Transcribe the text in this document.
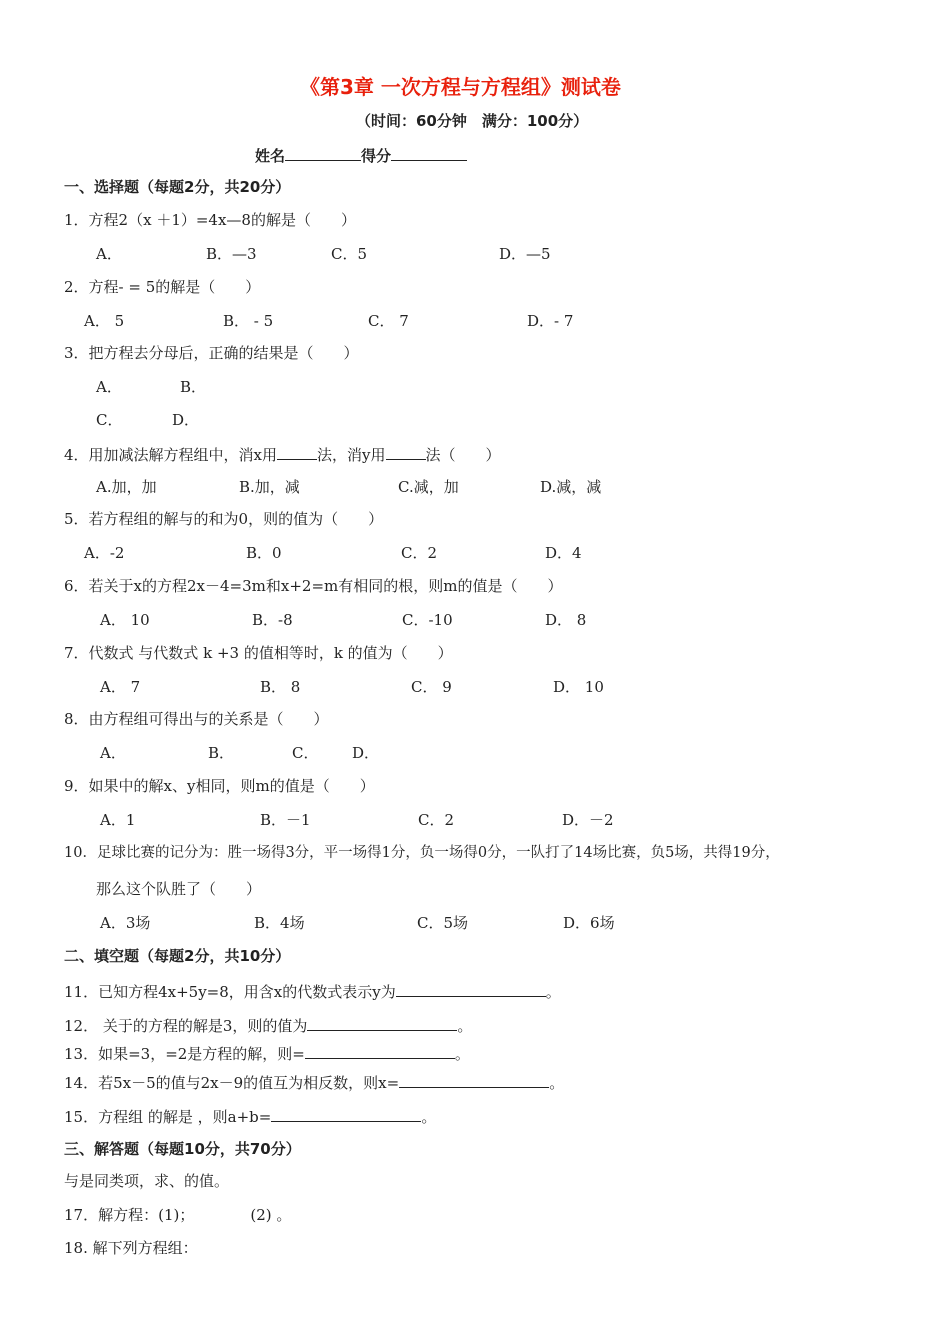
《第3章 一次方程与方程组》测试卷
（时间：60分钟　满分：100分）
姓名	得分
一、选择题（每题2分，共20分）
1．方程2（x ＋1）=4x—8的解是（　　）
A．	B．—3	C．5	D．—5
2．方程- = 5的解是（　　）
A． 5	B． - 5	C． 7	D．- 7
3．把方程去分母后，正确的结果是（　　）
A．	B．
C．	D．
4．用加减法解方程组中，消x用	法，消y用	法（　　）
A.加，加	B.加，减	C.减，加	D.减，减
5．若方程组的解与的和为0，则的值为（　　）
A．-2	B．0	C．2	D．4
6．若关于x的方程2x－4=3m和x+2=m有相同的根，则m的值是（　　）
A． 10	B．-8	C．-10	D． 8
7．代数式 与代数式 k +3 的值相等时，k 的值为（　　）
A． 7	B． 8	C． 9	D． 10
8．由方程组可得出与的关系是（　　）
A．	B．	C． D．
9．如果中的解x、y相同，则m的值是（　　）
A．1	B．－1	C．2	D．－2
10．足球比赛的记分为：胜一场得3分，平一场得1分，负一场得0分，一队打了14场比赛，负5场，共得19分，
那么这个队胜了（　　）
A．3场	B．4场	C．5场	D．6场
二、填空题（每题2分，共10分）
11．已知方程4x+5y=8，用含x的代数式表示y为	。
12． 关于的方程的解是3，则的值为	。
13．如果=3，=2是方程的解，则=	。
14．若5x－5的值与2x－9的值互为相反数，则x=	。
15．方程组 的解是 ，则a+b=	。
三、解答题（每题10分，共70分）
与是同类项，求、的值。
17．解方程：(1)；	(2) 。
18. 解下列方程组：
